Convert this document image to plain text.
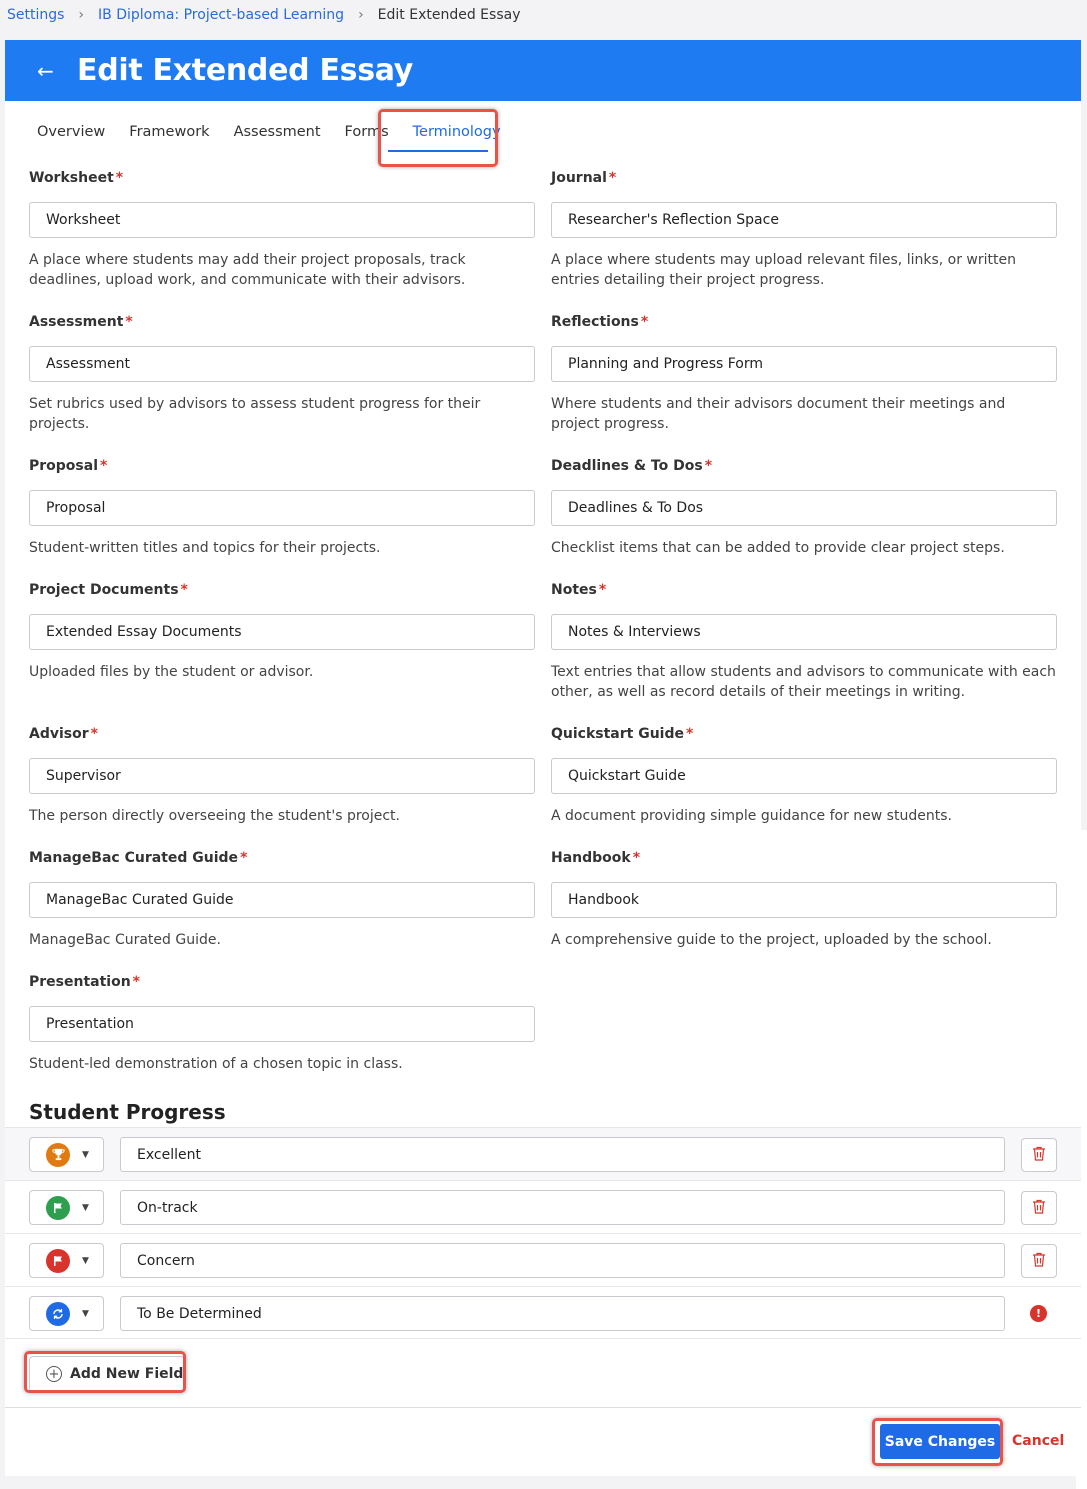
Settings › IB Diploma: Project-based Learning › Edit Extended Essay
← Edit Extended Essay
Overview Framework Assessment Forms Terminology
Worksheet *
Worksheet
A place where students may add their project proposals, track deadlines, upload work, and communicate with their advisors.
Assessment *
Assessment
Set rubrics used by advisors to assess student progress for their projects.
Proposal *
Proposal
Student-written titles and topics for their projects.
Project Documents *
Extended Essay Documents
Uploaded files by the student or advisor.
Advisor *
Supervisor
The person directly overseeing the student's project.
ManageBac Curated Guide *
ManageBac Curated Guide
ManageBac Curated Guide.
Presentation *
Presentation
Student-led demonstration of a chosen topic in class.
Journal *
Researcher's Reflection Space
A place where students may upload relevant files, links, or written entries detailing their project progress.
Reflections *
Planning and Progress Form
Where students and their advisors document their meetings and project progress.
Deadlines & To Dos *
Deadlines & To Dos
Checklist items that can be added to provide clear project steps.
Notes *
Notes & Interviews
Text entries that allow students and advisors to communicate with each other, as well as record details of their meetings in writing.
Quickstart Guide *
Quickstart Guide
A document providing simple guidance for new students.
Handbook *
Handbook
A comprehensive guide to the project, uploaded by the school.
Student Progress
▼	Excellent
▼	On-track
▼	Concern
▼	To Be Determined	!
+ Add New Field
Save Changes	Cancel
